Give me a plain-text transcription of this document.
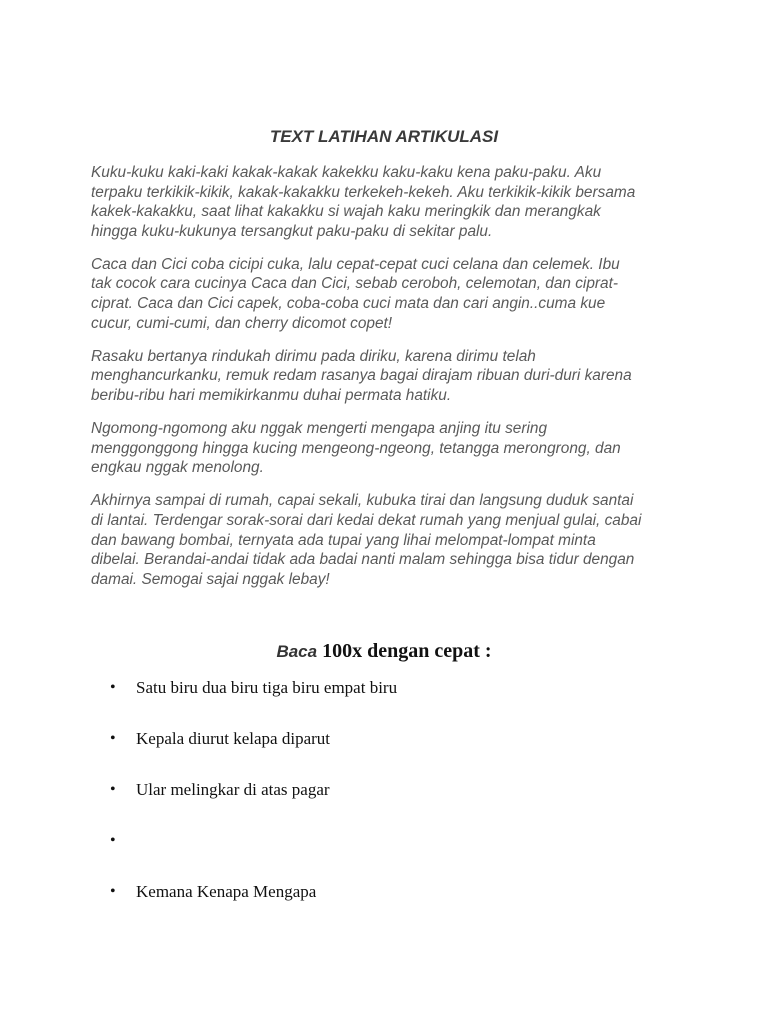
TEXT LATIHAN ARTIKULASI

Kuku-kuku kaki-kaki kakak-kakak kakekku kaku-kaku kena paku-paku. Aku
terpaku terkikik-kikik, kakak-kakakku terkekeh-kekeh. Aku terkikik-kikik bersama
kakek-kakakku, saat lihat kakakku si wajah kaku meringkik dan merangkak
hingga kuku-kukunya tersangkut paku-paku di sekitar palu.

Caca dan Cici coba cicipi cuka, lalu cepat-cepat cuci celana dan celemek. Ibu
tak cocok cara cucinya Caca dan Cici, sebab ceroboh, celemotan, dan ciprat-
ciprat. Caca dan Cici capek, coba-coba cuci mata dan cari angin..cuma kue
cucur, cumi-cumi, dan cherry dicomot copet!

Rasaku bertanya rindukah dirimu pada diriku, karena dirimu telah
menghancurkanku, remuk redam rasanya bagai dirajam ribuan duri-duri karena
beribu-ribu hari memikirkanmu duhai permata hatiku.

Ngomong-ngomong aku nggak mengerti mengapa anjing itu sering
menggonggong hingga kucing mengeong-ngeong, tetangga merongrong, dan
engkau nggak menolong.

Akhirnya sampai di rumah, capai sekali, kubuka tirai dan langsung duduk santai
di lantai. Terdengar sorak-sorai dari kedai dekat rumah yang menjual gulai, cabai
dan bawang bombai, ternyata ada tupai yang lihai melompat-lompat minta
dibelai. Berandai-andai tidak ada badai nanti malam sehingga bisa tidur dengan
damai. Semogai sajai nggak lebay!

Baca 100x dengan cepat :
• Satu biru dua biru tiga biru empat biru
• Kepala diurut kelapa diparut
• Ular melingkar di atas pagar
•
• Kemana Kenapa Mengapa
